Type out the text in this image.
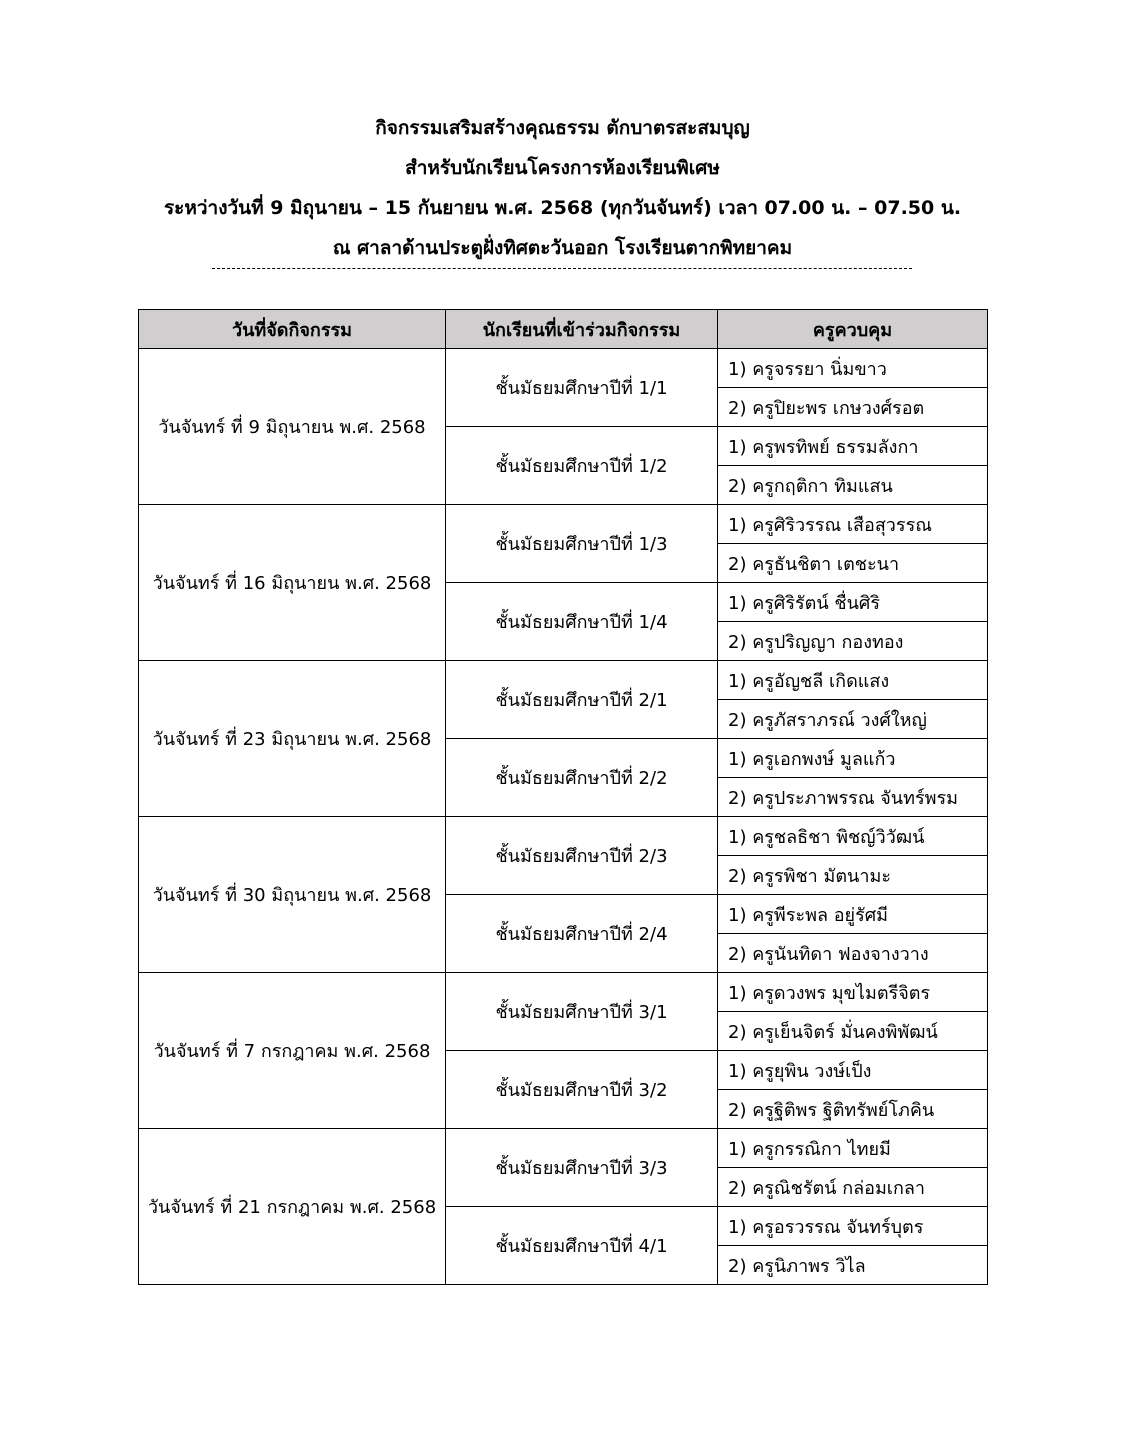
กิจกรรมเสริมสร้างคุณธรรม ตักบาตรสะสมบุญ
สำหรับนักเรียนโครงการห้องเรียนพิเศษ
ระหว่างวันที่ 9 มิถุนายน – 15 กันยายน พ.ศ. 2568 (ทุกวันจันทร์) เวลา 07.00 น. – 07.50 น.
ณ ศาลาด้านประตูฝั่งทิศตะวันออก โรงเรียนตากพิทยาคม
วันที่จัดกิจกรรม	นักเรียนที่เข้าร่วมกิจกรรม	ครูควบคุม
วันจันทร์ ที่ 9 มิถุนายน พ.ศ. 2568	ชั้นมัธยมศึกษาปีที่ 1/1	1) ครูจรรยา นิ่มขาว
		2) ครูปิยะพร เกษวงศ์รอต
	ชั้นมัธยมศึกษาปีที่ 1/2	1) ครูพรทิพย์ ธรรมลังกา
		2) ครูกฤติกา ทิมแสน
วันจันทร์ ที่ 16 มิถุนายน พ.ศ. 2568	ชั้นมัธยมศึกษาปีที่ 1/3	1) ครูศิริวรรณ เสือสุวรรณ
		2) ครูธันชิตา เตชะนา
	ชั้นมัธยมศึกษาปีที่ 1/4	1) ครูศิริรัตน์ ชื่นศิริ
		2) ครูปริญญา กองทอง
วันจันทร์ ที่ 23 มิถุนายน พ.ศ. 2568	ชั้นมัธยมศึกษาปีที่ 2/1	1) ครูอัญชลี เกิดแสง
		2) ครูภัสราภรณ์ วงศ์ใหญ่
	ชั้นมัธยมศึกษาปีที่ 2/2	1) ครูเอกพงษ์ มูลแก้ว
		2) ครูประภาพรรณ จันทร์พรม
วันจันทร์ ที่ 30 มิถุนายน พ.ศ. 2568	ชั้นมัธยมศึกษาปีที่ 2/3	1) ครูชลธิชา พิชญ์วิวัฒน์
		2) ครูรพิชา มัตนามะ
	ชั้นมัธยมศึกษาปีที่ 2/4	1) ครูพีระพล อยู่รัศมี
		2) ครูนันทิดา ฟองจางวาง
วันจันทร์ ที่ 7 กรกฎาคม พ.ศ. 2568	ชั้นมัธยมศึกษาปีที่ 3/1	1) ครูดวงพร มุขไมตรีจิตร
		2) ครูเย็นจิตร์ มั่นคงพิพัฒน์
	ชั้นมัธยมศึกษาปีที่ 3/2	1) ครูยุพิน วงษ์เป็ง
		2) ครูฐิติพร ฐิติทรัพย์โภคิน
วันจันทร์ ที่ 21 กรกฎาคม พ.ศ. 2568	ชั้นมัธยมศึกษาปีที่ 3/3	1) ครูกรรณิกา ไทยมี
		2) ครูณิชรัตน์ กล่อมเกลา
	ชั้นมัธยมศึกษาปีที่ 4/1	1) ครูอรวรรณ จันทร์บุตร
		2) ครูนิภาพร วิไล
